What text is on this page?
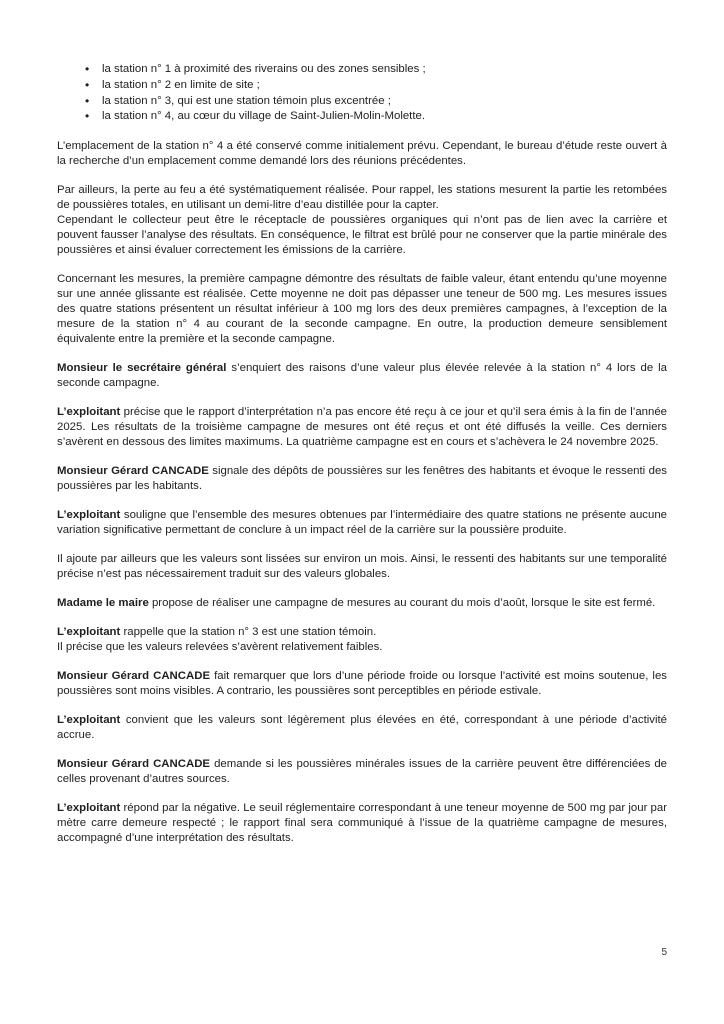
• la station n° 1 à proximité des riverains ou des zones sensibles ;
• la station n° 2 en limite de site ;
• la station n° 3, qui est une station témoin plus excentrée ;
• la station n° 4, au cœur du village de Saint-Julien-Molin-Molette.

L’emplacement de la station n° 4 a été conservé comme initialement prévu. Cependant, le bureau d’étude reste ouvert à la recherche d’un emplacement comme demandé lors des réunions précédentes.

Par ailleurs, la perte au feu a été systématiquement réalisée. Pour rappel, les stations mesurent la partie les retombées de poussières totales, en utilisant un demi-litre d’eau distillée pour la capter.

Cependant le collecteur peut être le réceptacle de poussières organiques qui n’ont pas de lien avec la carrière et pouvent fausser l’analyse des résultats. En conséquence, le filtrat est brûlé pour ne conserver que la partie minérale des poussières et ainsi évaluer correctement les émissions de la carrière.

Concernant les mesures, la première campagne démontre des résultats de faible valeur, étant entendu qu’une moyenne sur une année glissante est réalisée. Cette moyenne ne doit pas dépasser une teneur de 500 mg. Les mesures issues des quatre stations présentent un résultat inférieur à 100 mg lors des deux premières campagnes, à l’exception de la mesure de la station n° 4 au courant de la seconde campagne. En outre, la production demeure sensiblement équivalente entre la première et la seconde campagne.

Monsieur le secrétaire général s’enquiert des raisons d’une valeur plus élevée relevée à la station n° 4 lors de la seconde campagne.

L’exploitant précise que le rapport d’interprétation n’a pas encore été reçu à ce jour et qu’il sera émis à la fin de l’année 2025. Les résultats de la troisième campagne de mesures ont été reçus et ont été diffusés la veille. Ces derniers s’avèrent en dessous des limites maximums. La quatrième campagne est en cours et s’achèvera le 24 novembre 2025.

Monsieur Gérard CANCADE signale des dépôts de poussières sur les fenêtres des habitants et évoque le ressenti des poussières par les habitants.

L’exploitant souligne que l’ensemble des mesures obtenues par l’intermédiaire des quatre stations ne présente aucune variation significative permettant de conclure à un impact réel de la carrière sur la poussière produite.

Il ajoute par ailleurs que les valeurs sont lissées sur environ un mois. Ainsi, le ressenti des habitants sur une temporalité précise n’est pas nécessairement traduit sur des valeurs globales.

Madame le maire propose de réaliser une campagne de mesures au courant du mois d’août, lorsque le site est fermé.

L’exploitant rappelle que la station n° 3 est une station témoin.

Il précise que les valeurs relevées s’avèrent relativement faibles.

Monsieur Gérard CANCADE fait remarquer que lors d’une période froide ou lorsque l’activité est moins soutenue, les poussières sont moins visibles. A contrario, les poussières sont perceptibles en période estivale.

L’exploitant convient que les valeurs sont légèrement plus élevées en été, correspondant à une période d’activité accrue.

Monsieur Gérard CANCADE demande si les poussières minérales issues de la carrière peuvent être différenciées de celles provenant d’autres sources.

L’exploitant répond par la négative. Le seuil réglementaire correspondant à une teneur moyenne de 500 mg par jour par mètre carre demeure respecté ; le rapport final sera communiqué à l’issue de la quatrième campagne de mesures, accompagné d’une interprétation des résultats.

5
